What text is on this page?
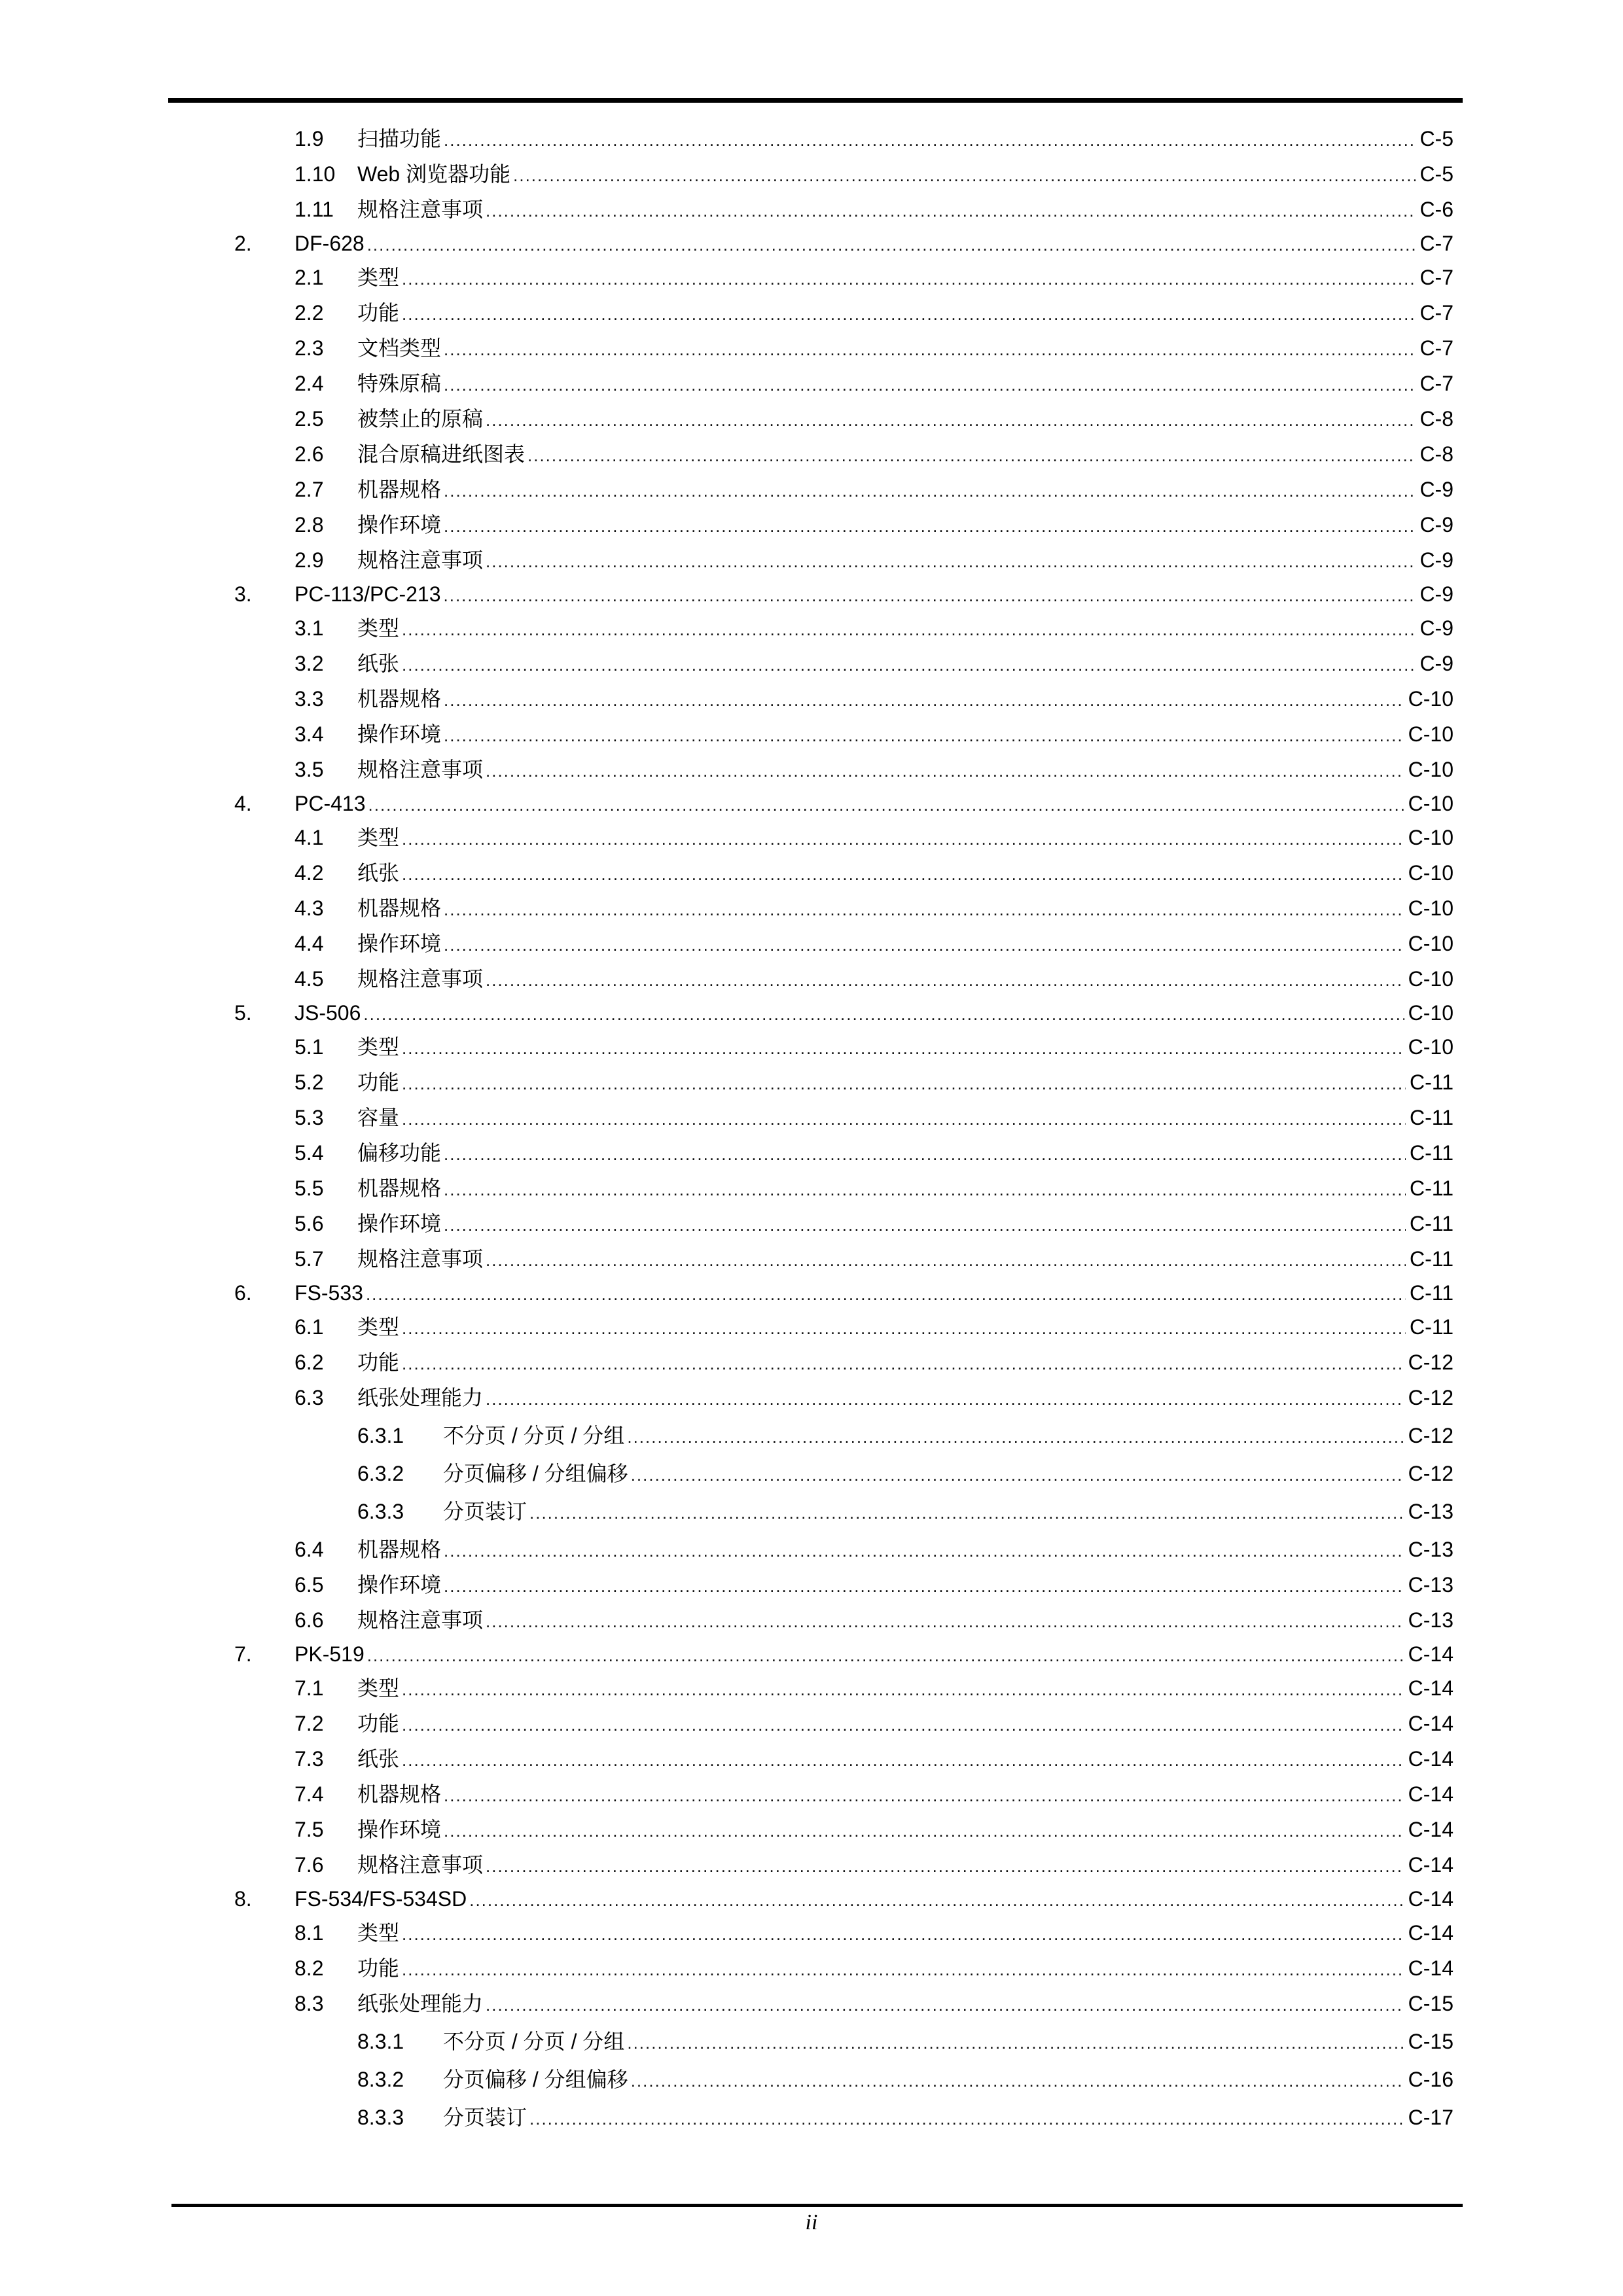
1.9 扫描功能 .....	C-5
1.10 Web 浏览器功能 .....	C-5
1.11 规格注意事项 .....	C-6
2. DF-628 .....	C-7
2.1 类型 .....	C-7
2.2 功能 .....	C-7
2.3 文档类型 .....	C-7
2.4 特殊原稿 .....	C-7
2.5 被禁止的原稿 .....	C-8
2.6 混合原稿进纸图表 .....	C-8
2.7 机器规格 .....	C-9
2.8 操作环境 .....	C-9
2.9 规格注意事项 .....	C-9
3. PC-113/PC-213 .....	C-9
3.1 类型 .....	C-9
3.2 纸张 .....	C-9
3.3 机器规格 .....	C-10
3.4 操作环境 .....	C-10
3.5 规格注意事项 .....	C-10
4. PC-413 .....	C-10
4.1 类型 .....	C-10
4.2 纸张 .....	C-10
4.3 机器规格 .....	C-10
4.4 操作环境 .....	C-10
4.5 规格注意事项 .....	C-10
5. JS-506 .....	C-10
5.1 类型 .....	C-10
5.2 功能 .....	C-11
5.3 容量 .....	C-11
5.4 偏移功能 .....	C-11
5.5 机器规格 .....	C-11
5.6 操作环境 .....	C-11
5.7 规格注意事项 .....	C-11
6. FS-533 .....	C-11
6.1 类型 .....	C-11
6.2 功能 .....	C-12
6.3 纸张处理能力 .....	C-12
6.3.1 不分页 / 分页 / 分组 .....	C-12
6.3.2 分页偏移 / 分组偏移 .....	C-12
6.3.3 分页装订 .....	C-13
6.4 机器规格 .....	C-13
6.5 操作环境 .....	C-13
6.6 规格注意事项 .....	C-13
7. PK-519 .....	C-14
7.1 类型 .....	C-14
7.2 功能 .....	C-14
7.3 纸张 .....	C-14
7.4 机器规格 .....	C-14
7.5 操作环境 .....	C-14
7.6 规格注意事项 .....	C-14
8. FS-534/FS-534SD .....	C-14
8.1 类型 .....	C-14
8.2 功能 .....	C-14
8.3 纸张处理能力 .....	C-15
8.3.1 不分页 / 分页 / 分组 .....	C-15
8.3.2 分页偏移 / 分组偏移 .....	C-16
8.3.3 分页装订 .....	C-17
ii
